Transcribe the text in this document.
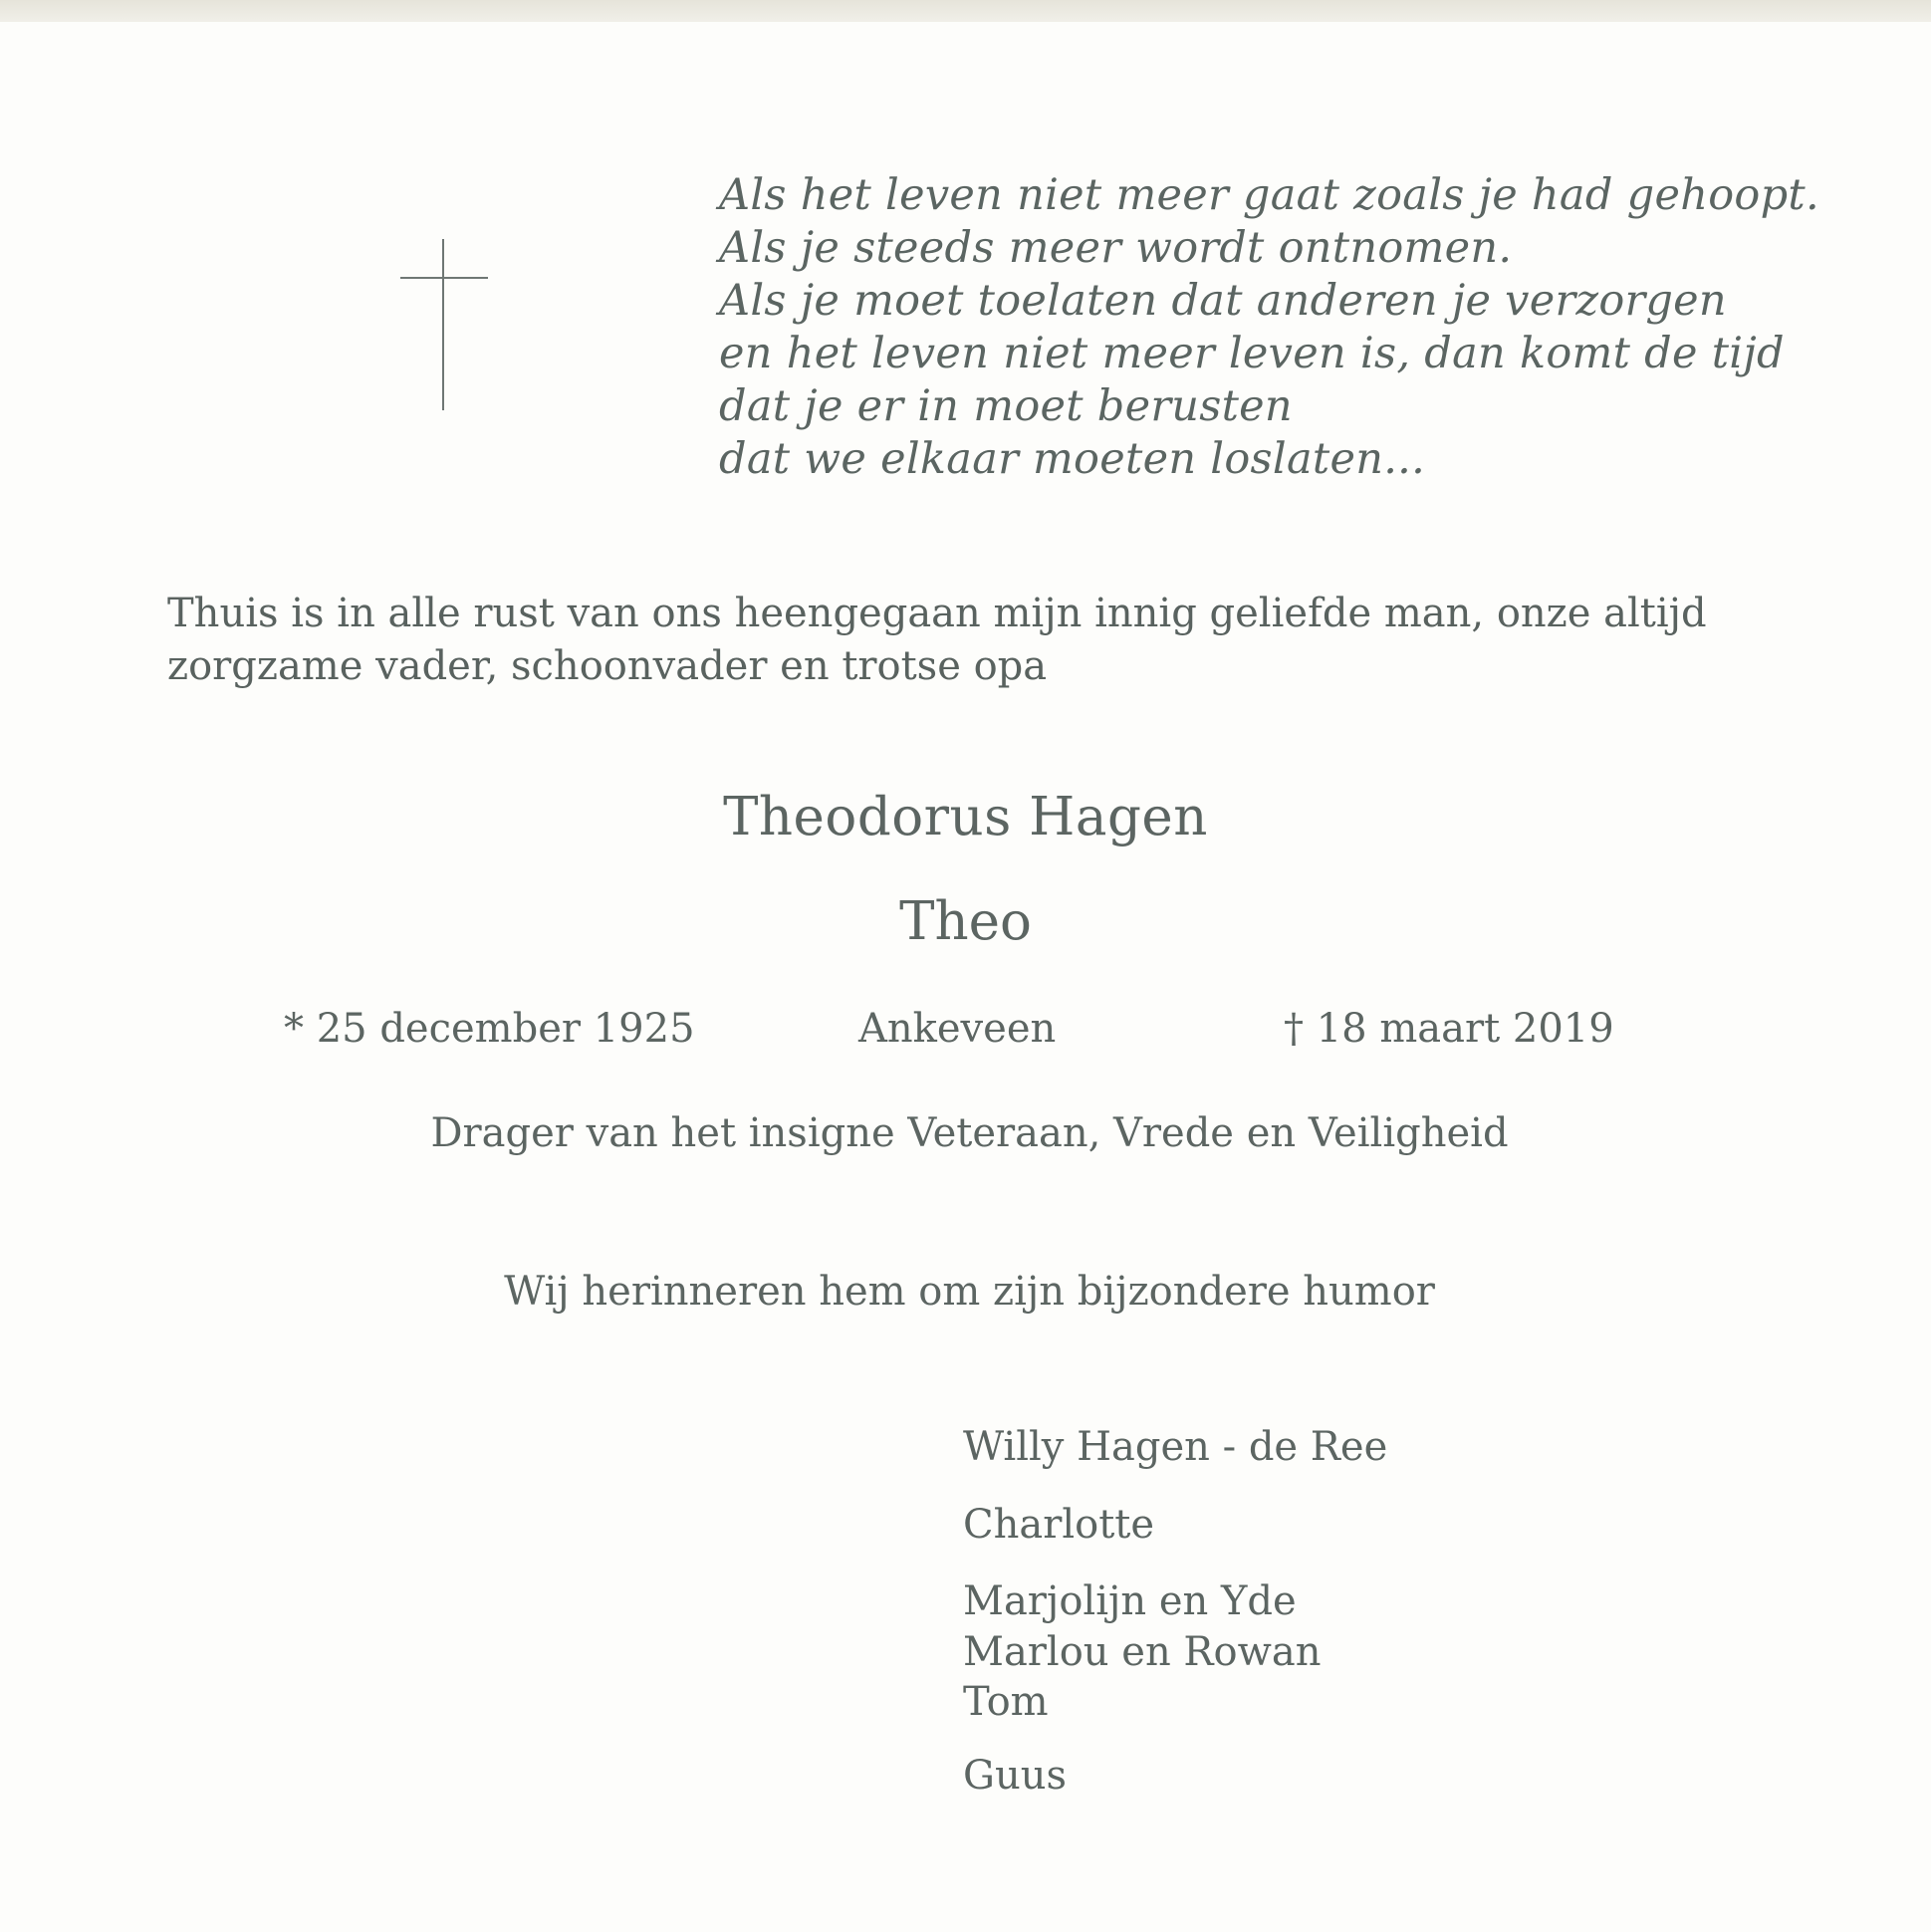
Als het leven niet meer gaat zoals je had gehoopt.
Als je steeds meer wordt ontnomen.
Als je moet toelaten dat anderen je verzorgen
en het leven niet meer leven is, dan komt de tijd
dat je er in moet berusten
dat we elkaar moeten loslaten...
Thuis is in alle rust van ons heengegaan mijn innig geliefde man, onze altijd
zorgzame vader, schoonvader en trotse opa
Theodorus Hagen
Theo
* 25 december 1925	Ankeveen	† 18 maart 2019
Drager van het insigne Veteraan, Vrede en Veiligheid
Wij herinneren hem om zijn bijzondere humor
Willy Hagen - de Ree
Charlotte
Marjolijn en Yde
Marlou en Rowan
Tom
Guus
